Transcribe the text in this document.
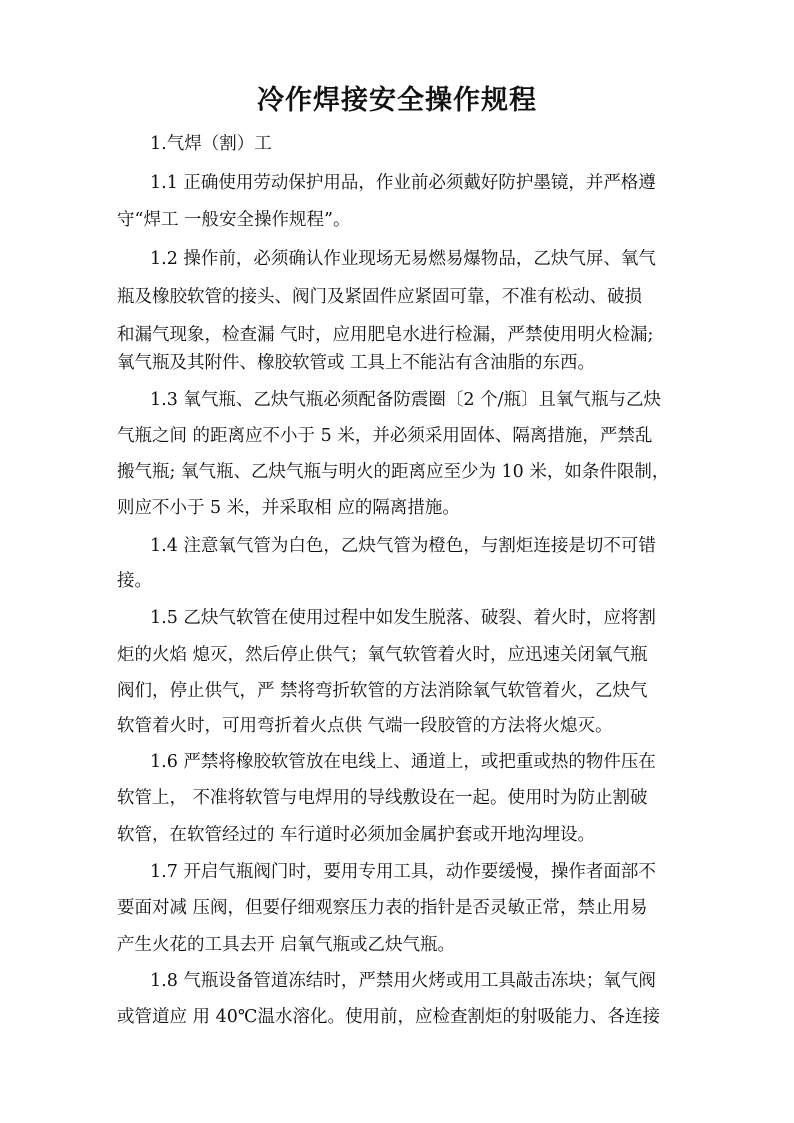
冷作焊接安全操作规程
1.气焊（割）工
1.1 正确使用劳动保护用品，作业前必须戴好防护墨镜，并严格遵
守“焊工 一般安全操作规程”。
1.2 操作前，必须确认作业现场无易燃易爆物品，乙炔气屏、氧气
瓶及橡胶软管的接头、阀门及紧固件应紧固可靠，不准有松动、破损
和漏气现象，检查漏 气时，应用肥皂水进行检漏，严禁使用明火检漏;
氧气瓶及其附件、橡胶软管或 工具上不能沾有含油脂的东西。
1.3 氧气瓶、乙炔气瓶必须配备防震圈〔2 个/瓶〕且氧气瓶与乙炔
气瓶之间 的距离应不小于 5 米，并必须采用固体、隔离措施，严禁乱
搬气瓶; 氧气瓶、乙炔气瓶与明火的距离应至少为 10 米，如条件限制，
则应不小于 5 米，并采取相 应的隔离措施。
1.4 注意氧气管为白色，乙炔气管为橙色，与割炬连接是切不可错
接。
1.5 乙炔气软管在使用过程中如发生脱落、破裂、着火时，应将割
炬的火焰 熄灭，然后停止供气；氧气软管着火时，应迅速关闭氧气瓶
阀们，停止供气，严 禁将弯折软管的方法消除氧气软管着火，乙炔气
软管着火时，可用弯折着火点供 气端一段胶管的方法将火熄灭。
1.6 严禁将橡胶软管放在电线上、通道上，或把重或热的物件压在
软管上， 不准将软管与电焊用的导线敷设在一起。使用时为防止割破
软管，在软管经过的 车行道时必须加金属护套或开地沟埋设。
1.7 开启气瓶阀门时，要用专用工具，动作要缓慢，操作者面部不
要面对减 压阀，但要仔细观察压力表的指针是否灵敏正常，禁止用易
产生火花的工具去开 启氧气瓶或乙炔气瓶。
1.8 气瓶设备管道冻结时，严禁用火烤或用工具敲击冻块；氧气阀
或管道应 用 40℃温水溶化。使用前，应检查割炬的射吸能力、各连接
